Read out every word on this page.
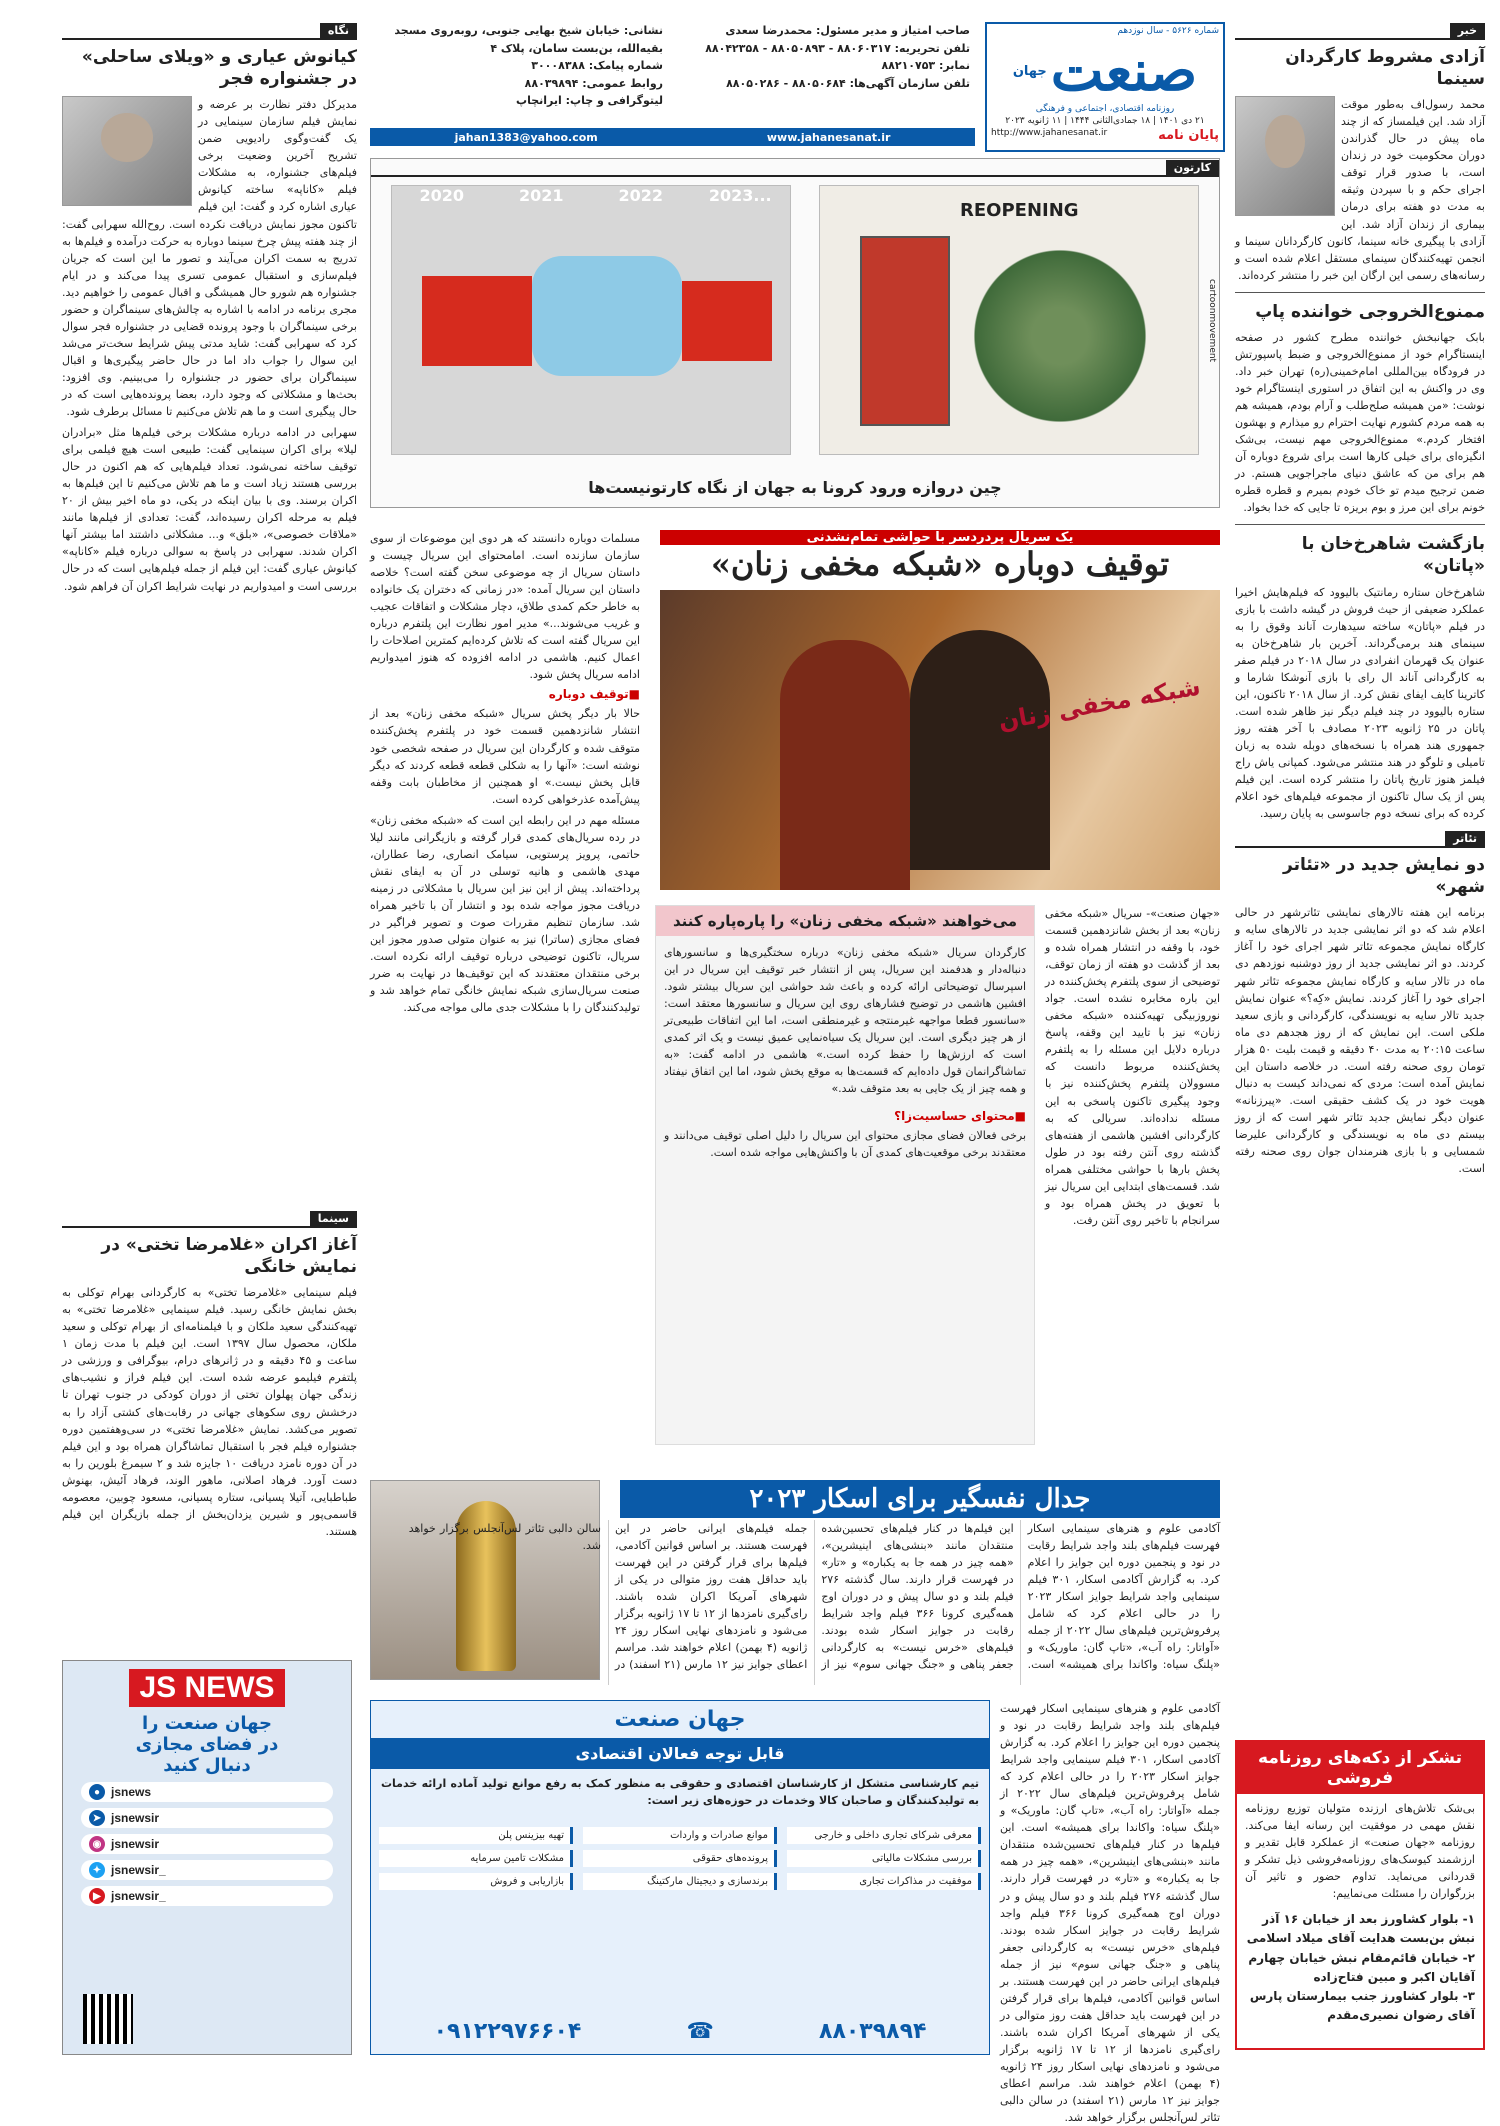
شماره ۵۶۲۶ - سال نوزدهم
صنعت
جهان
روزنامه اقتصادی، اجتماعی و فرهنگی
۲۱ دی ۱۴۰۱ | ۱۸ جمادی‌الثانی ۱۴۴۴ | ۱۱ ژانویه ۲۰۲۳
پایان نامه
http://www.jahanesanat.ir
صاحب امتیاز و مدیر مسئول: محمدرضا سعدی
تلفن تحریریه: ۸۸۰۶۰۳۱۷ - ۸۸۰۵۰۸۹۳ - ۸۸۰۴۲۳۵۸
نمابر: ۸۸۲۱۰۷۵۳
تلفن سازمان آگهی‌ها: ۸۸۰۵۰۶۸۴ - ۸۸۰۵۰۲۸۶
نشانی: خیابان شیخ بهایی جنوبی، روبه‌روی مسجد بقیه‌الله، بن‌بست سامان، پلاک ۴
شماره پیامک: ۳۰۰۰۸۳۸۸
روابط عمومی: ۸۸۰۳۹۸۹۴
لیتوگرافی و چاپ: ایرانچاپ
www.jahanesanat.ir
jahan1383@yahoo.com
خبر
آزادی مشروط کارگردان سینما

محمد رسول‌اف به‌طور موقت آزاد شد. این فیلمساز که از چند ماه پیش در حال گذراندن دوران محکومیت خود در زندان است، با صدور قرار توقف اجرای حکم و با سپردن وثیقه به مدت دو هفته برای درمان بیماری از زندان آزاد شد. این آزادی با پیگیری خانه سینما، کانون کارگردانان سینما و انجمن تهیه‌کنندگان سینمای مستقل اعلام شده است و رسانه‌های رسمی این ارگان این خبر را منتشر کرده‌اند.

ممنوع‌الخروجی خواننده پاپ

بابک جهانبخش خواننده مطرح کشور در صفحه اینستاگرام خود از ممنوع‌الخروجی و ضبط پاسپورتش در فرودگاه بین‌المللی امام‌خمینی(ره) تهران خبر داد. وی در واکنش به این اتفاق در استوری اینستاگرام خود نوشت: «من همیشه صلح‌طلب و آرام بودم، همیشه هم به همه مردم کشورم نهایت احترام رو میذارم و بهشون افتخار کردم.» ممنوع‌الخروجی مهم نیست، بی‌شک انگیزه‌ای برای خیلی کارها است برای شروع دوباره آن هم برای من که عاشق دنیای ماجراجویی هستم. در ضمن ترجیح میدم تو خاک خودم بمیرم و قطره قطره خونم برای این مرز و بوم بریزه تا جایی که خدا بخواد.

بازگشت شاهرخ‌خان با «پاتان»

شاهرخ‌خان ستاره رمانتیک بالیوود که فیلم‌هایش اخیرا عملکرد ضعیفی از حیث فروش در گیشه داشت با بازی در فیلم «پاتان» ساخته سیدهارت آناند وقوق را به سینمای هند برمی‌گرداند. آخرین بار شاهرخ‌خان به عنوان یک قهرمان انفرادی در سال ۲۰۱۸ در فیلم صفر به کارگردانی آناند ال رای با بازی آنوشکا شارما و کاترینا کایف ایفای نقش کرد. از سال ۲۰۱۸ تاکنون، این ستاره بالیوود در چند فیلم دیگر نیز ظاهر شده است. پاتان در ۲۵ ژانویه ۲۰۲۳ مصادف با آخر هفته روز جمهوری هند همراه با نسخه‌های دوبله شده به زبان تامیلی و تلوگو در هند منتشر می‌شود. کمپانی یاش راج فیلمز هنوز تاریخ پاتان را منتشر کرده است. این فیلم پس از یک سال تاکنون از مجموعه فیلم‌های خود اعلام کرده که برای نسخه دوم جاسوسی به پایان رسید.

تئاتر
دو نمایش جدید در «تئاتر شهر»

برنامه این هفته تالارهای نمایشی تئاترشهر در حالی اعلام شد که دو اثر نمایشی جدید در تالارهای سایه و کارگاه نمایش مجموعه تئاتر شهر اجرای خود را آغاز کردند. دو اثر نمایشی جدید از روز دوشنبه نوزدهم دی ماه در تالار سایه و کارگاه نمایش مجموعه تئاتر شهر اجرای خود را آغاز کردند. نمایش «کِه؟» عنوان نمایش جدید تالار سایه به نویسندگی، کارگردانی و بازی سعید ملکی است. این نمایش که از روز هجدهم دی ماه ساعت ۲۰:۱۵ به مدت ۴۰ دقیقه و قیمت بلیت ۵۰ هزار تومان روی صحنه رفته است. در خلاصه داستان این نمایش آمده است: مردی که نمی‌داند کیست به دنبال هویت خود در یک کشف حقیقی است. «پیرزنانه» عنوان دیگر نمایش جدید تئاتر شهر است که از روز بیستم دی ماه به نویسندگی و کارگردانی علیرضا شمسایی و با بازی هنرمندان جوان روی صحنه رفته است.

تشکر از دکه‌های روزنامه فروشی

بی‌شک تلاش‌های ارزنده متولیان توزیع روزنامه نقش مهمی در موفقیت این رسانه ایفا می‌کند. روزنامه «جهان صنعت» از عملکرد قابل تقدیر و ارزشمند کیوسک‌های روزنامه‌فروشی ذیل تشکر و قدردانی می‌نماید. تداوم حضور و تاثیر آن بزرگواران را مسئلت می‌نماییم:

۱- بلوار کشاورز بعد از خیابان ۱۶ آذر نبش بن‌بست هدایت آقای میلاد اسلامی
۲- خیابان قائم‌مقام نبش خیابان چهارم آقایان اکبر و مبین فتاح‌زاده
۳- بلوار کشاورز جنب بیمارستان پارس آقای رضوان نصیری‌مقدم
کارتون
REOPENING
2020	2021	2022	2023...
cartoonmovement
چین دروازه ورود کرونا به جهان از نگاه کارتونیست‌ها
یک سریال پردردسر با حواشی تمام‌نشدنی
توقیف دوباره «شبکه مخفی زنان»
شبکه مخفی زنان

مسلمات دوباره دانستند که هر دوی این موضوعات از سوی سازمان سازنده است. امامحتوای این سریال چیست و داستان سریال از چه موضوعی سخن گفته است؟ خلاصه داستان این سریال آمده: «در زمانی که دختران یک خانواده به خاطر حکم کمدی طلاق، دچار مشکلات و اتفاقات عجیب و غریب می‌شوند...» مدیر امور نظارت این پلتفرم درباره این سریال گفته است که تلاش کرده‌ایم کمترین اصلاحات را اعمال کنیم. هاشمی در ادامه افزوده که هنوز امیدواریم ادامه سریال پخش شود.

■ توقیف دوباره

حالا بار دیگر پخش سریال «شبکه مخفی زنان» بعد از انتشار شانزدهمین قسمت خود در پلتفرم پخش‌کننده متوقف شده و کارگردان این سریال در صفحه شخصی خود نوشته است: «آنها را به شکلی قطعه قطعه کردند که دیگر قابل پخش نیست.» او همچنین از مخاطبان بابت وقفه پیش‌آمده عذرخواهی کرده است.

مسئله مهم در این رابطه این است که «شبکه مخفی زنان» در رده سریال‌های کمدی قرار گرفته و بازیگرانی مانند لیلا حاتمی، پرویز پرستویی، سیامک انصاری، رضا عطاران، مهدی هاشمی و هانیه توسلی در آن به ایفای نقش پرداخته‌اند. پیش از این نیز این سریال با مشکلاتی در زمینه دریافت مجوز مواجه شده بود و انتشار آن با تاخیر همراه شد. سازمان تنظیم مقررات صوت و تصویر فراگیر در فضای مجازی (ساترا) نیز به عنوان متولی صدور مجوز این سریال، تاکنون توضیحی درباره توقیف ارائه نکرده است. برخی منتقدان معتقدند که این توقیف‌ها در نهایت به ضرر صنعت سریال‌سازی شبکه نمایش خانگی تمام خواهد شد و تولیدکنندگان را با مشکلات جدی مالی مواجه می‌کند.

می‌خواهند «شبکه مخفی زنان» را پاره‌پاره کنند

کارگردان سریال «شبکه مخفی زنان» درباره سختگیری‌ها و سانسورهای دنباله‌دار و هدفمند این سریال، پس از انتشار خبر توقیف این سریال در این اسپرسال توضیحاتی ارائه کرده و باعث شد حواشی این سریال بیشتر شود. افشین هاشمی در توضیح فشارهای روی این سریال و سانسورها معتقد است: «سانسور قطعا مواجهه غیرمنتجه و غیرمنطقی است، اما این اتفاقات طبیعی‌تر از هر چیز دیگری است. این سریال یک سیاه‌نمایی عمیق نیست و یک اثر کمدی است که ارزش‌ها را حفظ کرده است.» هاشمی در ادامه گفت: «به تماشاگرانمان قول داده‌ایم که قسمت‌ها به موقع پخش شود، اما این اتفاق نیفتاد و همه چیز از یک جایی به بعد متوقف شد.»

■ محتوای حساسیت‌زا؟

برخی فعالان فضای مجازی محتوای این سریال را دلیل اصلی توقیف می‌دانند و معتقدند برخی موقعیت‌های کمدی آن با واکنش‌هایی مواجه شده است.

«جهان صنعت»- سریال «شبکه مخفی زنان» بعد از بخش شانزدهمین قسمت خود، با وقفه در انتشار همراه شده و بعد از گذشت دو هفته از زمان توقف، توضیحی از سوی پلتفرم پخش‌کننده در این باره مخابره نشده است. جواد نوروزبیگی تهیه‌کننده «شبکه مخفی زنان» نیز با تایید این وقفه، پاسخ درباره دلایل این مسئله را به پلتفرم پخش‌کننده مربوط دانست که مسوولان پلتفرم پخش‌کننده نیز با وجود پیگیری تاکنون پاسخی به این مسئله نداده‌اند. سریالی که به کارگردانی افشین هاشمی از هفته‌های گذشته روی آنتن رفته بود در طول پخش بارها با حواشی مختلفی همراه شد. قسمت‌های ابتدایی این سریال نیز با تعویق در پخش همراه بود و سرانجام با تاخیر روی آنتن رفت.

نگاه
کیانوش عیاری و «ویلای ساحلی» در جشنواره فجر

مدیرکل دفتر نظارت بر عرضه و نمایش فیلم سازمان سینمایی در یک گفت‌وگوی رادیویی ضمن تشریح آخرین وضعیت برخی فیلم‌های جشنواره، به مشکلات فیلم «کاناپه» ساخته کیانوش عیاری اشاره کرد و گفت: این فیلم تاکنون مجوز نمایش دریافت نکرده است. روح‌الله سهرابی گفت: از چند هفته پیش چرخ سینما دوباره به حرکت درآمده و فیلم‌ها به تدریج به سمت اکران می‌آیند و تصور ما این است که جریان فیلم‌سازی و استقبال عمومی تسری پیدا می‌کند و در ایام جشنواره هم شورو حال همیشگی و اقبال عمومی را خواهیم دید. مجری برنامه در ادامه با اشاره به چالش‌های سینماگران و حضور برخی سینماگران با وجود پرونده قضایی در جشنواره فجر سوال کرد که سهرابی گفت: شاید مدتی پیش شرایط سخت‌تر می‌شد این سوال را جواب داد اما در حال حاضر پیگیری‌ها و اقبال سینماگران برای حضور در جشنواره را می‌بینیم. وی افزود: بحث‌ها و مشکلاتی که وجود دارد، بعضا پرونده‌هایی است که در حال پیگیری است و ما هم تلاش می‌کنیم تا مسائل برطرف شود.

سهرابی در ادامه درباره مشکلات برخی فیلم‌ها مثل «برادران لیلا» برای اکران سینمایی گفت: طبیعی است هیچ فیلمی برای توقیف ساخته نمی‌شود. تعداد فیلم‌هایی که هم اکنون در حال بررسی هستند زیاد است و ما هم تلاش می‌کنیم تا این فیلم‌ها به اکران برسند. وی با بیان اینکه در یکی، دو ماه اخیر بیش از ۲۰ فیلم به مرحله اکران رسیده‌اند، گفت: تعدادی از فیلم‌ها مانند «ملاقات خصوصی»، «بلق» و... مشکلاتی داشتند اما بیشتر آنها اکران شدند. سهرابی در پاسخ به سوالی درباره فیلم «کاناپه» کیانوش عیاری گفت: این فیلم از جمله فیلم‌هایی است که در حال بررسی است و امیدواریم در نهایت شرایط اکران آن فراهم شود.

سینما
آغاز اکران «غلامرضا تختی» در نمایش خانگی

فیلم سینمایی «غلامرضا تختی» به کارگردانی بهرام توکلی به بخش نمایش خانگی رسید. فیلم سینمایی «غلامرضا تختی» به تهیه‌کنندگی سعید ملکان و با فیلمنامه‌ای از بهرام توکلی و سعید ملکان، محصول سال ۱۳۹۷ است. این فیلم با مدت زمان ۱ ساعت و ۴۵ دقیقه و در ژانرهای درام، بیوگرافی و ورزشی در پلتفرم فیلیمو عرضه شده است. این فیلم فراز و نشیب‌های زندگی جهان پهلوان تختی از دوران کودکی در جنوب تهران تا درخشش روی سکوهای جهانی در رقابت‌های کشتی آزاد را به تصویر می‌کشد. نمایش «غلامرضا تختی» در سی‌وهفتمین دوره جشنواره فیلم فجر با استقبال تماشاگران همراه بود و این فیلم در آن دوره نامزد دریافت ۱۰ جایزه شد و ۲ سیمرغ بلورین را به دست آورد. فرهاد اصلانی، ماهور الوند، فرهاد آئیش، بهنوش طباطبایی، آتیلا پسیانی، ستاره پسیانی، مسعود چوبین، معصومه قاسمی‌پور و شیرین یزدان‌بخش از جمله بازیگران این فیلم هستند.

JS NEWS
جهان صنعت را
در فضای مجازی
دنبال کنید
● jsnews
➤ jsnewsir
◉ jsnewsir
✦ jsnewsir_
▶ jsnewsir_
جدال نفسگیر برای اسکار ۲۰۲۳

آکادمی علوم و هنرهای سینمایی اسکار فهرست فیلم‌های بلند واجد شرایط رقابت در نود و پنجمین دوره این جوایز را اعلام کرد. به گزارش آکادمی اسکار، ۳۰۱ فیلم سینمایی واجد شرایط جوایز اسکار ۲۰۲۳ را در حالی اعلام کرد که شامل پرفروش‌ترین فیلم‌های سال ۲۰۲۲ از جمله «آواتار: راه آب»، «تاپ گان: ماوریک» و «پلنگ سیاه: واکاندا برای همیشه» است. این فیلم‌ها در کنار فیلم‌های تحسین‌شده منتقدان مانند «بنشی‌های اینیشرین»، «همه چیز در همه جا به یکباره» و «تار» در فهرست قرار دارند. سال گذشته ۲۷۶ فیلم بلند و دو سال پیش و در دوران اوج همه‌گیری کرونا ۳۶۶ فیلم واجد شرایط رقابت در جوایز اسکار شده بودند. فیلم‌های «خرس نیست» به کارگردانی جعفر پناهی و «جنگ جهانی سوم» نیز از جمله فیلم‌های ایرانی حاضر در این فهرست هستند. بر اساس قوانین آکادمی، فیلم‌ها برای قرار گرفتن در این فهرست باید حداقل هفت روز متوالی در یکی از شهرهای آمریکا اکران شده باشند. رای‌گیری نامزدها از ۱۲ تا ۱۷ ژانویه برگزار می‌شود و نامزدهای نهایی اسکار روز ۲۴ ژانویه (۴ بهمن) اعلام خواهند شد. مراسم اعطای جوایز نیز ۱۲ مارس (۲۱ اسفند) در سالن دالبی تئاتر لس‌آنجلس برگزار خواهد شد.

جهان صنعت
قابل توجه فعالان اقتصادی

تیم کارشناسی متشکل از کارشناسان اقتصادی و حقوقی به منظور کمک به رفع موانع تولید آماده ارائه خدمات به تولیدکنندگان و صاحبان کالا وخدمات در حوزه‌های زیر است:

معرفی شرکای تجاری داخلی و خارجی
موانع صادرات و واردات
تهیه بیزینس پلن
بررسی مشکلات مالیاتی
پرونده‌های حقوقی
مشکلات تامین سرمایه
موفقیت در مذاکرات تجاری
برندسازی و دیجیتال مارکتینگ
بازاریابی و فروش
۸۸۰۳۹۸۹۴
☎
۰۹۱۲۲۹۷۶۶۰۴

آکادمی علوم و هنرهای سینمایی اسکار فهرست فیلم‌های بلند واجد شرایط رقابت در نود و پنجمین دوره این جوایز را اعلام کرد. به گزارش آکادمی اسکار، ۳۰۱ فیلم سینمایی واجد شرایط جوایز اسکار ۲۰۲۳ را در حالی اعلام کرد که شامل پرفروش‌ترین فیلم‌های سال ۲۰۲۲ از جمله «آواتار: راه آب»، «تاپ گان: ماوریک» و «پلنگ سیاه: واکاندا برای همیشه» است. این فیلم‌ها در کنار فیلم‌های تحسین‌شده منتقدان مانند «بنشی‌های اینیشرین»، «همه چیز در همه جا به یکباره» و «تار» در فهرست قرار دارند. سال گذشته ۲۷۶ فیلم بلند و دو سال پیش و در دوران اوج همه‌گیری کرونا ۳۶۶ فیلم واجد شرایط رقابت در جوایز اسکار شده بودند. فیلم‌های «خرس نیست» به کارگردانی جعفر پناهی و «جنگ جهانی سوم» نیز از جمله فیلم‌های ایرانی حاضر در این فهرست هستند. بر اساس قوانین آکادمی، فیلم‌ها برای قرار گرفتن در این فهرست باید حداقل هفت روز متوالی در یکی از شهرهای آمریکا اکران شده باشند. رای‌گیری نامزدها از ۱۲ تا ۱۷ ژانویه برگزار می‌شود و نامزدهای نهایی اسکار روز ۲۴ ژانویه (۴ بهمن) اعلام خواهند شد. مراسم اعطای جوایز نیز ۱۲ مارس (۲۱ اسفند) در سالن دالبی تئاتر لس‌آنجلس برگزار خواهد شد.
